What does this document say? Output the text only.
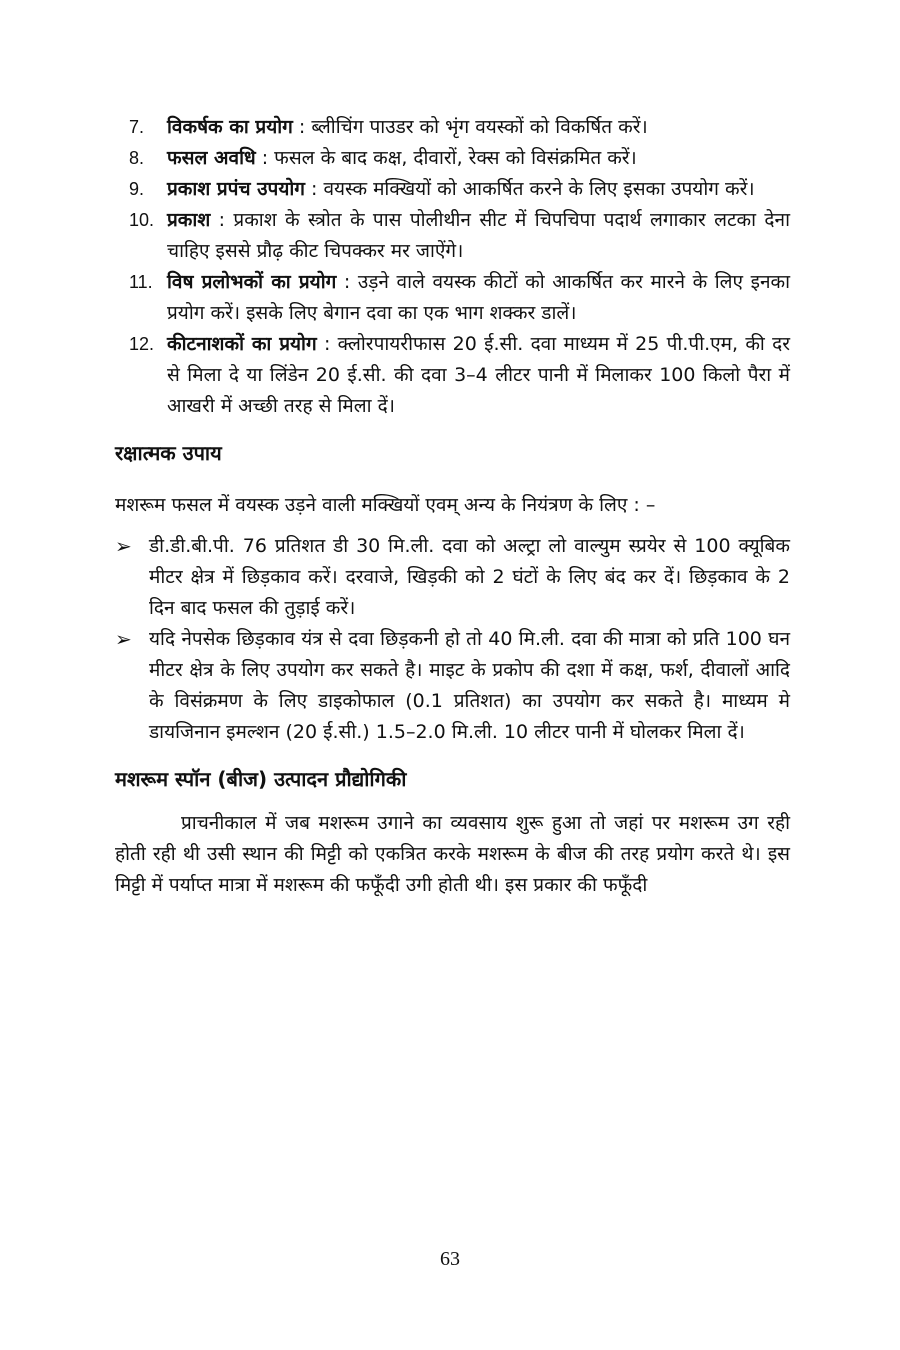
7. विकर्षक का प्रयोग : ब्लीचिंग पाउडर को भृंग वयस्कों को विकर्षित करें।
8. फसल अवधि : फसल के बाद कक्ष, दीवारों, रेक्स को विसंक्रमित करें।
9. प्रकाश प्रपंच उपयोग : वयस्क मक्खियों को आकर्षित करने के लिए इसका उपयोग करें।
10. प्रकाश : प्रकाश के स्त्रोत के पास पोलीथीन सीट में चिपचिपा पदार्थ लगाकार लटका देना चाहिए इससे प्रौढ़ कीट चिपक्कर मर जाऐंगे।
11. विष प्रलोभकों का प्रयोग : उड़ने वाले वयस्क कीटों को आकर्षित कर मारने के लिए इनका प्रयोग करें। इसके लिए बेगान दवा का एक भाग शक्कर डालें।
12. कीटनाशकों का प्रयोग : क्लोरपायरीफास 20 ई.सी. दवा माध्यम में 25 पी.पी.एम, की दर से मिला दे या लिंडेन 20 ई.सी. की दवा 3–4 लीटर पानी में मिलाकर 100 किलो पैरा में आखरी में अच्छी तरह से मिला दें।
रक्षात्मक उपाय

मशरूम फसल में वयस्क उड़ने वाली मक्खियों एवम् अन्य के नियंत्रण के लिए : –

➢ डी.डी.बी.पी. 76 प्रतिशत डी 30 मि.ली. दवा को अल्ट्रा लो वाल्युम स्प्रयेर से 100 क्यूबिक मीटर क्षेत्र में छिड़काव करें। दरवाजे, खिड़की को 2 घंटों के लिए बंद कर दें। छिड़काव के 2 दिन बाद फसल की तुड़ाई करें।
➢ यदि नेपसेक छिड़काव यंत्र से दवा छिड़कनी हो तो 40 मि.ली. दवा की मात्रा को प्रति 100 घन मीटर क्षेत्र के लिए उपयोग कर सकते है। माइट के प्रकोप की दशा में कक्ष, फर्श, दीवालों आदि के विसंक्रमण के लिए डाइकोफाल (0.1 प्रतिशत) का उपयोग कर सकते है। माध्यम मे डायजिनान इमल्शन (20 ई.सी.) 1.5–2.0 मि.ली. 10 लीटर पानी में घोलकर मिला दें।
मशरूम स्पॉन (बीज) उत्पादन प्रौद्योगिकी

प्राचनीकाल में जब मशरूम उगाने का व्यवसाय शुरू हुआ तो जहां पर मशरूम उग रही होती रही थी उसी स्थान की मिट्टी को एकत्रित करके मशरूम के बीज की तरह प्रयोग करते थे। इस मिट्टी में पर्याप्त मात्रा में मशरूम की फफूँदी उगी होती थी। इस प्रकार की फफूँदी

63
